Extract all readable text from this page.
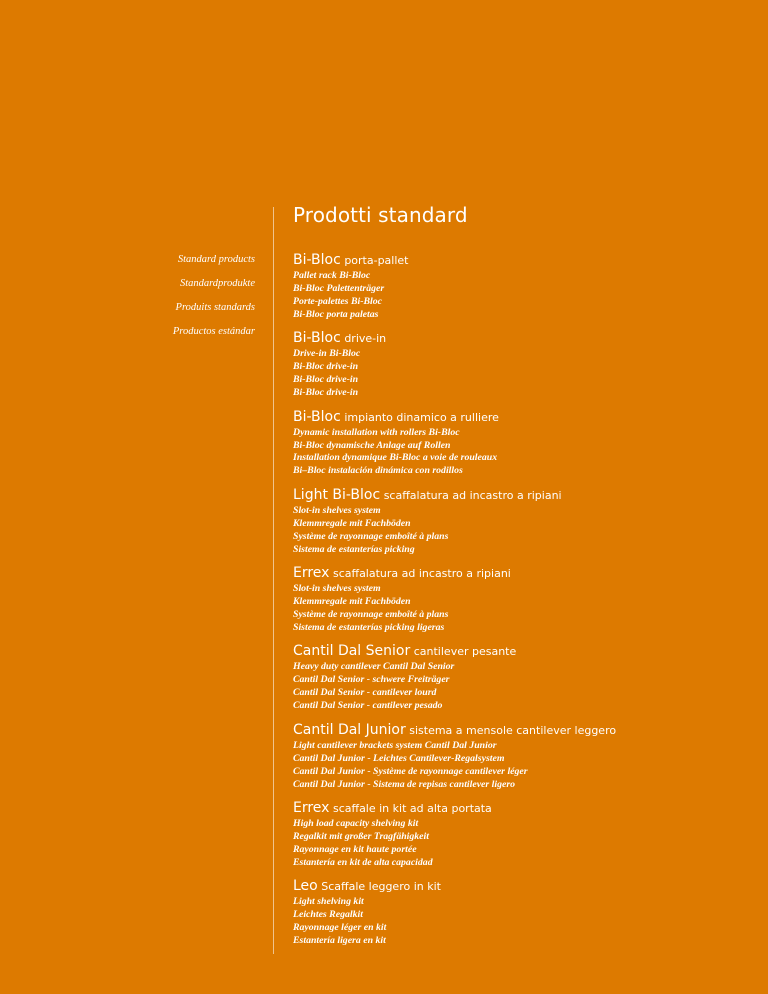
Prodotti standard
Standard products
Standardprodukte
Produits standards
Productos estándar
Bi-Bloc porta-pallet
Pallet rack Bi-Bloc
Bi-Bloc Palettenträger
Porte-palettes Bi-Bloc
Bi-Bloc porta paletas
Bi-Bloc drive-in
Drive-in Bi-Bloc
Bi-Bloc drive-in
Bi-Bloc drive-in
Bi-Bloc drive-in
Bi-Bloc impianto dinamico a rulliere
Dynamic installation with rollers Bi-Bloc
Bi-Bloc dynamische Anlage auf Rollen
Installation dynamique Bi-Bloc a voie de rouleaux
Bi–Bloc instalación dinámica con rodillos
Light Bi-Bloc scaffalatura ad incastro a ripiani
Slot-in shelves system
Klemmregale mit Fachböden
Système de rayonnage emboîté à plans
Sistema de estanterías picking
Errex scaffalatura ad incastro a ripiani
Slot-in shelves system
Klemmregale mit Fachböden
Système de rayonnage emboîté à plans
Sistema de estanterías picking ligeras
Cantil Dal Senior cantilever pesante
Heavy duty cantilever Cantil Dal Senior
Cantil Dal Senior - schwere Freiträger
Cantil Dal Senior - cantilever lourd
Cantil Dal Senior - cantilever pesado
Cantil Dal Junior sistema a mensole cantilever leggero
Light cantilever brackets system Cantil Dal Junior
Cantil Dal Junior - Leichtes Cantilever-Regalsystem
Cantil Dal Junior - Système de rayonnage cantilever léger
Cantil Dal Junior - Sistema de repisas cantilever ligero
Errex scaffale in kit ad alta portata
High load capacity shelving kit
Regalkit mit großer Tragfähigkeit
Rayonnage en kit haute portée
Estantería en kit de alta capacidad
Leo Scaffale leggero in kit
Light shelving kit
Leichtes Regalkit
Rayonnage léger en kit
Estantería ligera en kit
